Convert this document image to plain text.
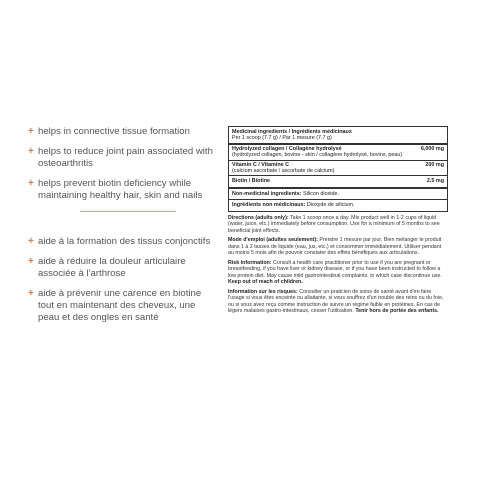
+ helps in connective tissue formation
+ helps to reduce joint pain associated with osteoarthritis
+ helps prevent biotin deficiency while maintaining healthy hair, skin and nails
+ aide à la formation des tissus conjonctifs
+ aide à réduire la douleur articulaire associée à l'arthrose
+ aide à prévenir une carence en biotine tout en maintenant des cheveux, une peau et des ongles en santé
Medicinal ingredients / Ingrédients médicinaux
Per 1 scoop (7.7 g) / Par 1 mesure (7.7 g)
Hydrolyzed collagen / Collagène hydrolysé	6,000 mg
(hydrolyzed collagen, bovine - skin / collagène hydrolysé, bovins, peau)
Vitamin C / Vitamine C	200 mg
(calcium ascorbate / ascorbate de calcium)
Biotin / Biotine	2.5 mg
Non-medicinal ingredients: Silicon dioxide.
Ingrédients non médicinaux: Dioxyde de silicium.
Directions (adults only): Take 1 scoop once a day. Mix product well in 1-2 cups of liquid (water, juice, etc.) immediately before consumption. Use for a minimum of 5 months to see beneficial joint effects.
Mode d'emploi (adultes seulement): Prendre 1 mesure par jour. Bien mélanger le produit dans 1 à 2 tasses de liquide (eau, jus, etc.) et consommer immédiatement. Utiliser pendant au moins 5 mois afin de pouvoir constater des effets bénéfiques aux articulations.
Risk information: Consult a health care practitioner prior to use if you are pregnant or breastfeeding, if you have liver or kidney disease, or if you have been instructed to follow a low protein diet. May cause mild gastrointestinal complaints, in which case discontinue use. Keep out of reach of children.
Information sur les risques: Consulter un praticien de soins de santé avant d'en faire l'usage si vous êtes enceinte ou allaitante, si vous souffrez d'un trouble des reins ou du foie, ou si vous avez reçu comme instruction de suivre un régime faible en protéines. En cas de légers malaises gastro-intestinaux, cesser l'utilisation. Tenir hors de portée des enfants.
